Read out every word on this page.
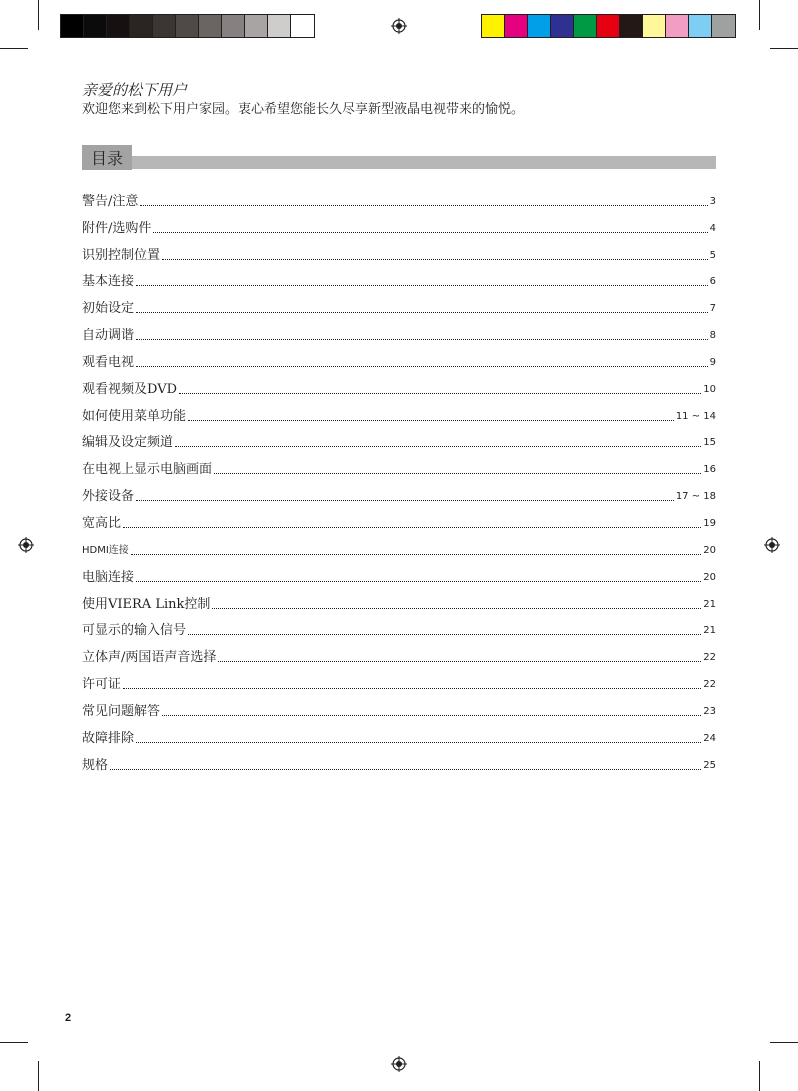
亲爱的松下用户
欢迎您来到松下用户家园。衷心希望您能长久尽享新型液晶电视带来的愉悦。
目录
警告/注意	3
附件/选购件	4
识别控制位置	5
基本连接	6
初始设定	7
自动调谐	8
观看电视	9
观看视频及DVD	10
如何使用菜单功能	11 ~ 14
编辑及设定频道	15
在电视上显示电脑画面	16
外接设备	17 ~ 18
宽高比	19
HDMI连接	20
电脑连接	20
使用VIERA Link控制	21
可显示的输入信号	21
立体声/两国语声音选择	22
许可证	22
常见问题解答	23
故障排除	24
规格	25
2
